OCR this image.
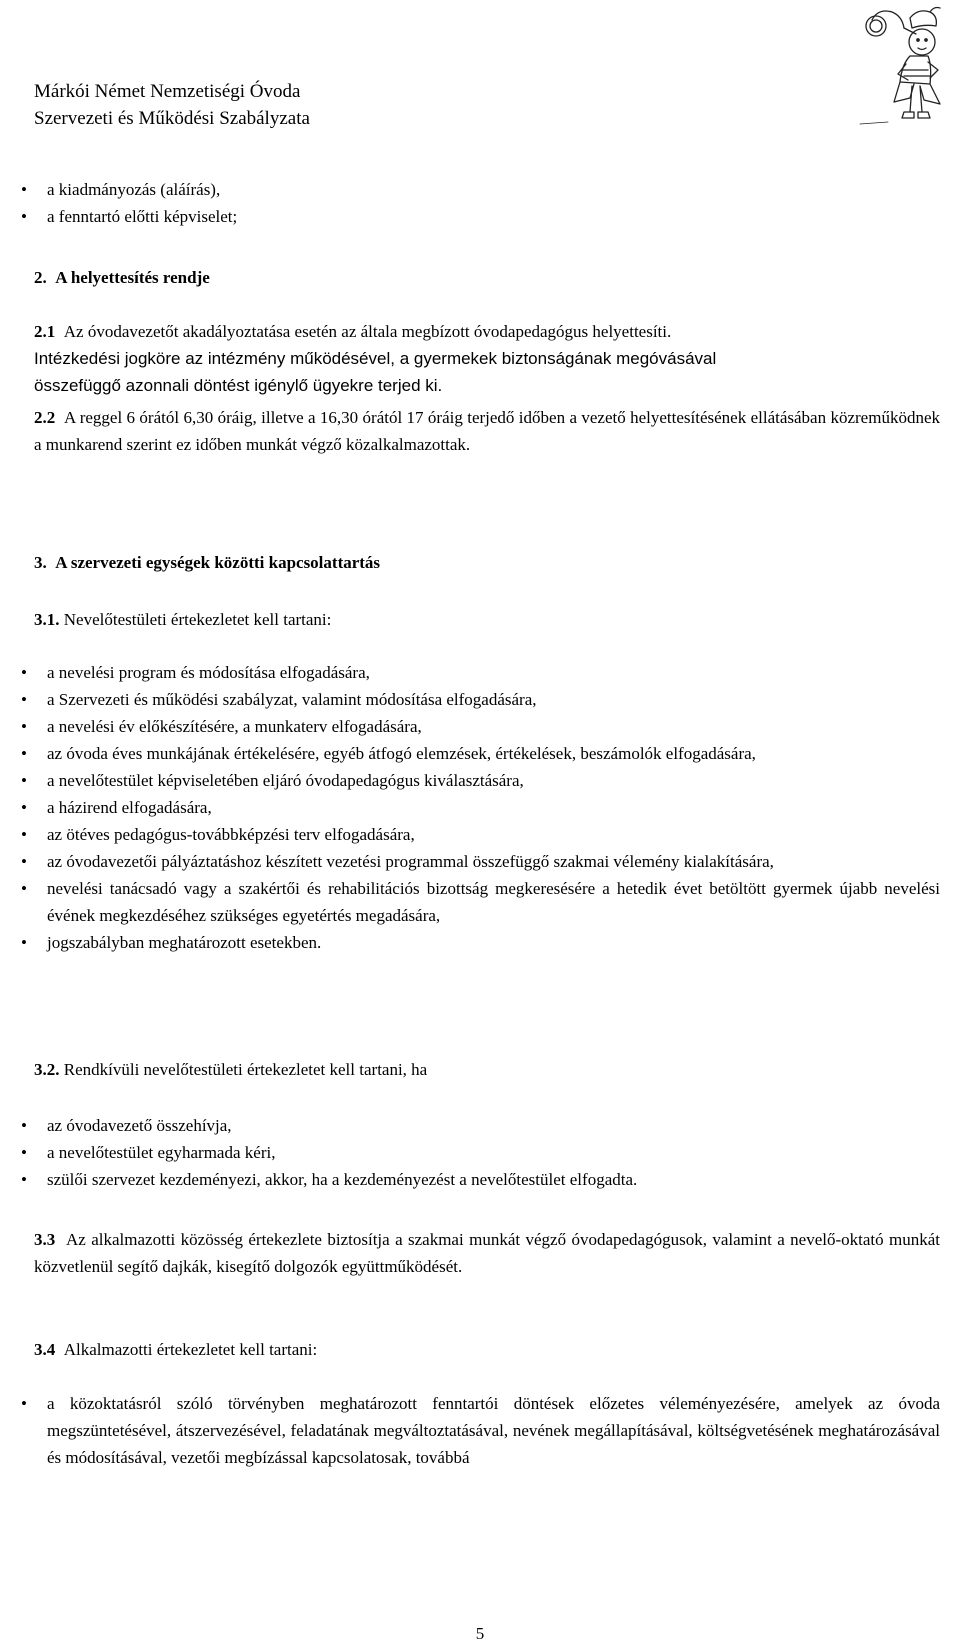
Márkói Német Nemzetiségi Óvoda
Szervezeti és Működési Szabályzata
• a kiadmányozás (aláírás),
• a fenntartó előtti képviselet;
2. A helyettesítés rendje
2.1 Az óvodavezetőt akadályoztatása esetén az általa megbízott óvodapedagógus helyettesíti.
Intézkedési jogköre az intézmény működésével, a gyermekek biztonságának megóvásával
összefüggő azonnali döntést igénylő ügyekre terjed ki.
2.2 A reggel 6 órától 6,30 óráig, illetve a 16,30 órától 17 óráig terjedő időben a vezető helyettesítésének ellátásában közreműködnek a munkarend szerint ez időben munkát végző közalkalmazottak.
3. A szervezeti egységek közötti kapcsolattartás
3.1. Nevelőtestületi értekezletet kell tartani:
• a nevelési program és módosítása elfogadására,
• a Szervezeti és működési szabályzat, valamint módosítása elfogadására,
• a nevelési év előkészítésére, a munkaterv elfogadására,
• az óvoda éves munkájának értékelésére, egyéb átfogó elemzések, értékelések, beszámolók elfogadására,
• a nevelőtestület képviseletében eljáró óvodapedagógus kiválasztására,
• a házirend elfogadására,
• az ötéves pedagógus-továbbképzési terv elfogadására,
• az óvodavezetői pályáztatáshoz készített vezetési programmal összefüggő szakmai vélemény kialakítására,
• nevelési tanácsadó vagy a szakértői és rehabilitációs bizottság megkeresésére a hetedik évet betöltött gyermek újabb nevelési évének megkezdéséhez szükséges egyetértés megadására,
• jogszabályban meghatározott esetekben.
3.2. Rendkívüli nevelőtestületi értekezletet kell tartani, ha
• az óvodavezető összehívja,
• a nevelőtestület egyharmada kéri,
• szülői szervezet kezdeményezi, akkor, ha a kezdeményezést a nevelőtestület elfogadta.
3.3 Az alkalmazotti közösség értekezlete biztosítja a szakmai munkát végző óvodapedagógusok, valamint a nevelő-oktató munkát közvetlenül segítő dajkák, kisegítő dolgozók együttműködését.
3.4 Alkalmazotti értekezletet kell tartani:
• a közoktatásról szóló törvényben meghatározott fenntartói döntések előzetes véleményezésére, amelyek az óvoda megszüntetésével, átszervezésével, feladatának megváltoztatásával, nevének megállapításával, költségvetésének meghatározásával és módosításával, vezetői megbízással kapcsolatosak, továbbá
5
